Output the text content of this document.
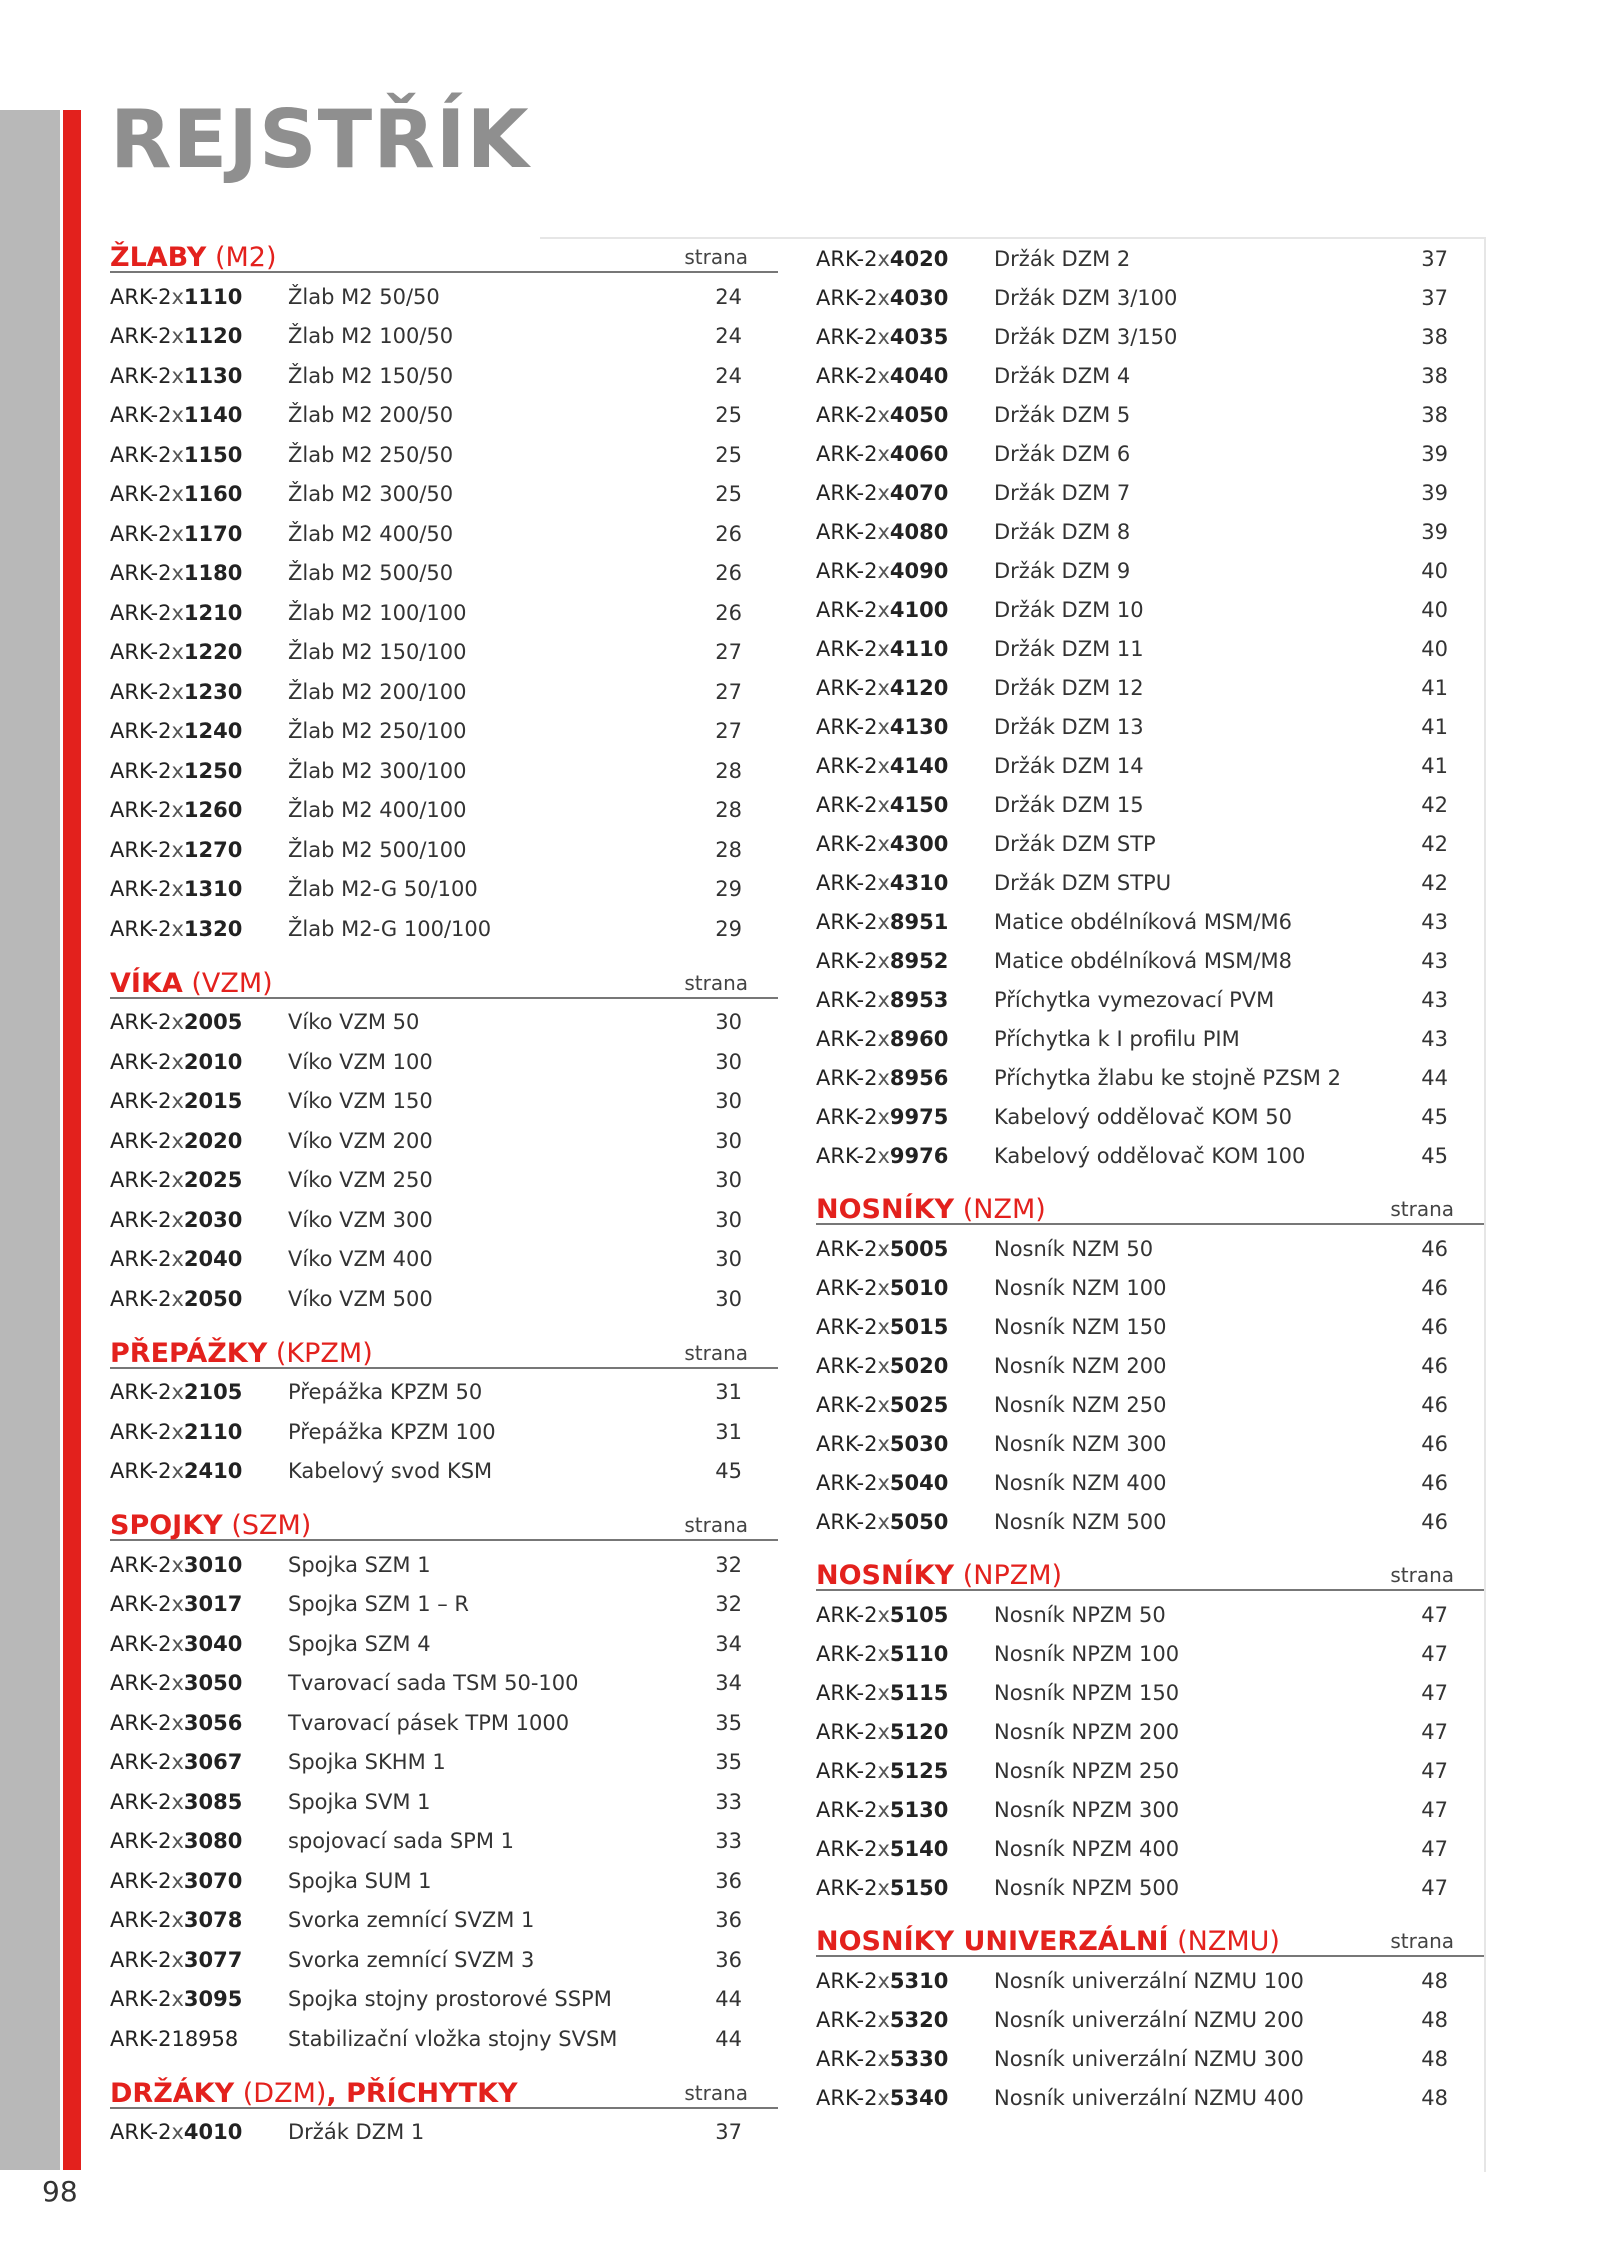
REJSTŘÍK
ŽLABY (M2)	strana
ARK-2x1110	Žlab M2 50/50	24
ARK-2x1120	Žlab M2 100/50	24
ARK-2x1130	Žlab M2 150/50	24
ARK-2x1140	Žlab M2 200/50	25
ARK-2x1150	Žlab M2 250/50	25
ARK-2x1160	Žlab M2 300/50	25
ARK-2x1170	Žlab M2 400/50	26
ARK-2x1180	Žlab M2 500/50	26
ARK-2x1210	Žlab M2 100/100	26
ARK-2x1220	Žlab M2 150/100	27
ARK-2x1230	Žlab M2 200/100	27
ARK-2x1240	Žlab M2 250/100	27
ARK-2x1250	Žlab M2 300/100	28
ARK-2x1260	Žlab M2 400/100	28
ARK-2x1270	Žlab M2 500/100	28
ARK-2x1310	Žlab M2-G 50/100	29
ARK-2x1320	Žlab M2-G 100/100	29
VÍKA (VZM)	strana
ARK-2x2005	Víko VZM 50	30
ARK-2x2010	Víko VZM 100	30
ARK-2x2015	Víko VZM 150	30
ARK-2x2020	Víko VZM 200	30
ARK-2x2025	Víko VZM 250	30
ARK-2x2030	Víko VZM 300	30
ARK-2x2040	Víko VZM 400	30
ARK-2x2050	Víko VZM 500	30
PŘEPÁŽKY (KPZM)	strana
ARK-2x2105	Přepážka KPZM 50	31
ARK-2x2110	Přepážka KPZM 100	31
ARK-2x2410	Kabelový svod KSM	45
SPOJKY (SZM)	strana
ARK-2x3010	Spojka SZM 1	32
ARK-2x3017	Spojka SZM 1 – R	32
ARK-2x3040	Spojka SZM 4	34
ARK-2x3050	Tvarovací sada TSM 50-100	34
ARK-2x3056	Tvarovací pásek TPM 1000	35
ARK-2x3067	Spojka SKHM 1	35
ARK-2x3085	Spojka SVM 1	33
ARK-2x3080	spojovací sada SPM 1	33
ARK-2x3070	Spojka SUM 1	36
ARK-2x3078	Svorka zemnící SVZM 1	36
ARK-2x3077	Svorka zemnící SVZM 3	36
ARK-2x3095	Spojka stojny prostorové SSPM	44
ARK-218958	Stabilizační vložka stojny SVSM	44
DRŽÁKY (DZM), PŘÍCHYTKY	strana
ARK-2x4010	Držák DZM 1	37
ARK-2x4020	Držák DZM 2	37
ARK-2x4030	Držák DZM 3/100	37
ARK-2x4035	Držák DZM 3/150	38
ARK-2x4040	Držák DZM 4	38
ARK-2x4050	Držák DZM 5	38
ARK-2x4060	Držák DZM 6	39
ARK-2x4070	Držák DZM 7	39
ARK-2x4080	Držák DZM 8	39
ARK-2x4090	Držák DZM 9	40
ARK-2x4100	Držák DZM 10	40
ARK-2x4110	Držák DZM 11	40
ARK-2x4120	Držák DZM 12	41
ARK-2x4130	Držák DZM 13	41
ARK-2x4140	Držák DZM 14	41
ARK-2x4150	Držák DZM 15	42
ARK-2x4300	Držák DZM STP	42
ARK-2x4310	Držák DZM STPU	42
ARK-2x8951	Matice obdélníková MSM/M6	43
ARK-2x8952	Matice obdélníková MSM/M8	43
ARK-2x8953	Příchytka vymezovací PVM	43
ARK-2x8960	Příchytka k I profilu PIM	43
ARK-2x8956	Příchytka žlabu ke stojně PZSM 2	44
ARK-2x9975	Kabelový oddělovač KOM 50	45
ARK-2x9976	Kabelový oddělovač KOM 100	45
NOSNÍKY (NZM)	strana
ARK-2x5005	Nosník NZM 50	46
ARK-2x5010	Nosník NZM 100	46
ARK-2x5015	Nosník NZM 150	46
ARK-2x5020	Nosník NZM 200	46
ARK-2x5025	Nosník NZM 250	46
ARK-2x5030	Nosník NZM 300	46
ARK-2x5040	Nosník NZM 400	46
ARK-2x5050	Nosník NZM 500	46
NOSNÍKY (NPZM)	strana
ARK-2x5105	Nosník NPZM 50	47
ARK-2x5110	Nosník NPZM 100	47
ARK-2x5115	Nosník NPZM 150	47
ARK-2x5120	Nosník NPZM 200	47
ARK-2x5125	Nosník NPZM 250	47
ARK-2x5130	Nosník NPZM 300	47
ARK-2x5140	Nosník NPZM 400	47
ARK-2x5150	Nosník NPZM 500	47
NOSNÍKY UNIVERZÁLNÍ (NZMU)	strana
ARK-2x5310	Nosník univerzální NZMU 100	48
ARK-2x5320	Nosník univerzální NZMU 200	48
ARK-2x5330	Nosník univerzální NZMU 300	48
ARK-2x5340	Nosník univerzální NZMU 400	48
98
